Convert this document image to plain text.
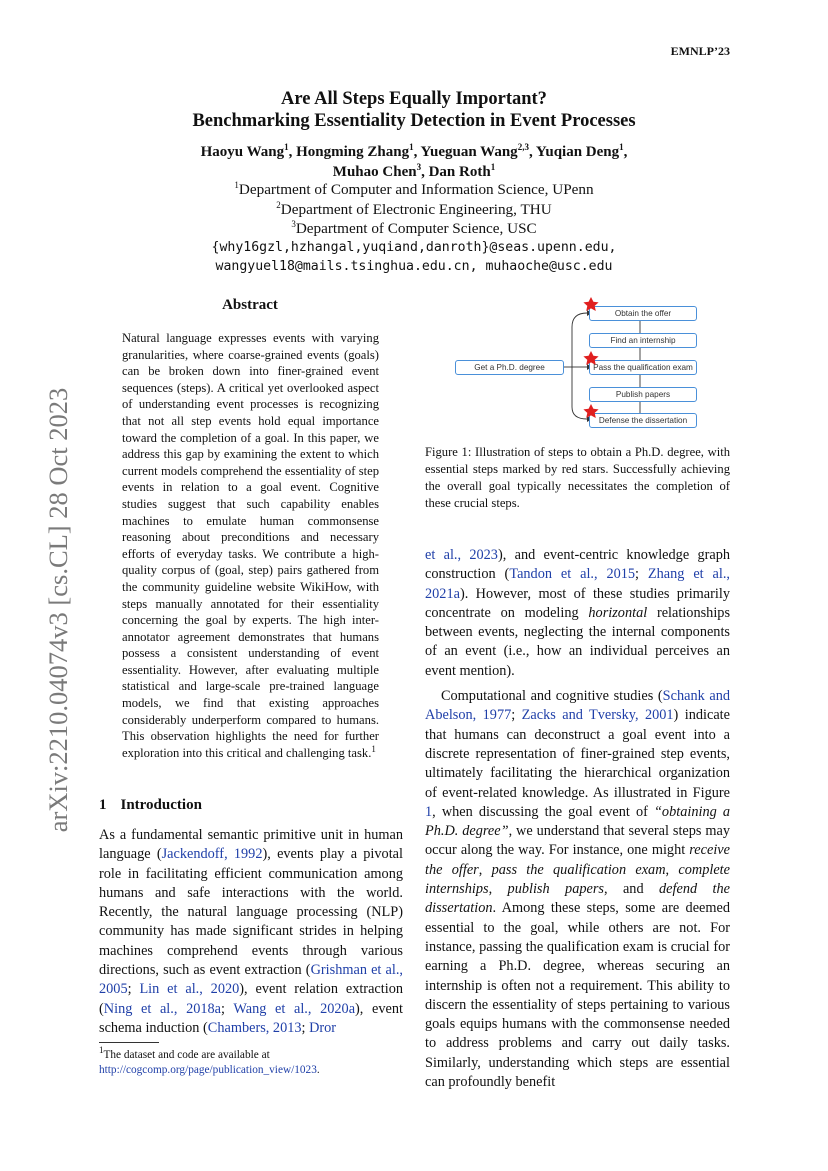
EMNLP’23
arXiv:2210.04074v3 [cs.CL] 28 Oct 2023
Are All Steps Equally Important?
Benchmarking Essentiality Detection in Event Processes
Haoyu Wang$^1$, Hongming Zhang$^1$, Yueguan Wang$^{2,3}$, Yuqian Deng$^1$,
Muhao Chen$^3$, Dan Roth$^1$
$^1$Department of Computer and Information Science, UPenn
$^2$Department of Electronic Engineering, THU
$^3$Department of Computer Science, USC
{why16gzl,hzhangal,yuqiand,danroth}@seas.upenn.edu,
wangyuel18@mails.tsinghua.edu.cn, muhaoche@usc.edu
Abstract
Natural language expresses events with varying granularities, where coarse-grained events (goals) can be broken down into finer-grained event sequences (steps). A critical yet overlooked aspect of understanding event processes is recognizing that not all step events hold equal importance toward the completion of a goal. In this paper, we address this gap by examining the extent to which current models comprehend the essentiality of step events in relation to a goal event. Cognitive studies suggest that such capability enables machines to emulate human commonsense reasoning about preconditions and necessary efforts of everyday tasks. We contribute a high-quality corpus of (goal, step) pairs gathered from the community guideline website WikiHow, with steps manually annotated for their essentiality concerning the goal by experts. The high inter-annotator agreement demonstrates that humans possess a consistent understanding of event essentiality. However, after evaluating multiple statistical and large-scale pre-trained language models, we find that existing approaches considerably underperform compared to humans. This observation highlights the need for further exploration into this critical and challenging task.$^1$
1 Introduction

As a fundamental semantic primitive unit in human language (Jackendoff, 1992), events play a pivotal role in facilitating efficient communication among humans and safe interactions with the world. Recently, the natural language processing (NLP) community has made significant strides in helping machines comprehend events through various directions, such as event extraction (Grishman et al., 2005; Lin et al., 2020), event relation extraction (Ning et al., 2018a; Wang et al., 2020a), event schema induction (Chambers, 2013; Dror

$^1$The dataset and code are available at http://cogcomp.org/page/publication_view/1023.
Get a Ph.D. degree
Obtain the offer
Find an internship
Pass the qualification exam
Publish papers
Defense the dissertation
Figure 1: Illustration of steps to obtain a Ph.D. degree, with essential steps marked by red stars. Successfully achieving the overall goal typically necessitates the completion of these crucial steps.

et al., 2023), and event-centric knowledge graph construction (Tandon et al., 2015; Zhang et al., 2021a). However, most of these studies primarily concentrate on modeling horizontal relationships between events, neglecting the internal components of an event (i.e., how an individual perceives an event mention).

Computational and cognitive studies (Schank and Abelson, 1977; Zacks and Tversky, 2001) indicate that humans can deconstruct a goal event into a discrete representation of finer-grained step events, ultimately facilitating the hierarchical organization of event-related knowledge. As illustrated in Figure 1, when discussing the goal event of “obtaining a Ph.D. degree”, we understand that several steps may occur along the way. For instance, one might receive the offer, pass the qualification exam, complete internships, publish papers, and defend the dissertation. Among these steps, some are deemed essential to the goal, while others are not. For instance, passing the qualification exam is crucial for earning a Ph.D. degree, whereas securing an internship is often not a requirement. This ability to discern the essentiality of steps pertaining to various goals equips humans with the commonsense needed to address problems and carry out daily tasks. Similarly, understanding which steps are essential can profoundly benefit
